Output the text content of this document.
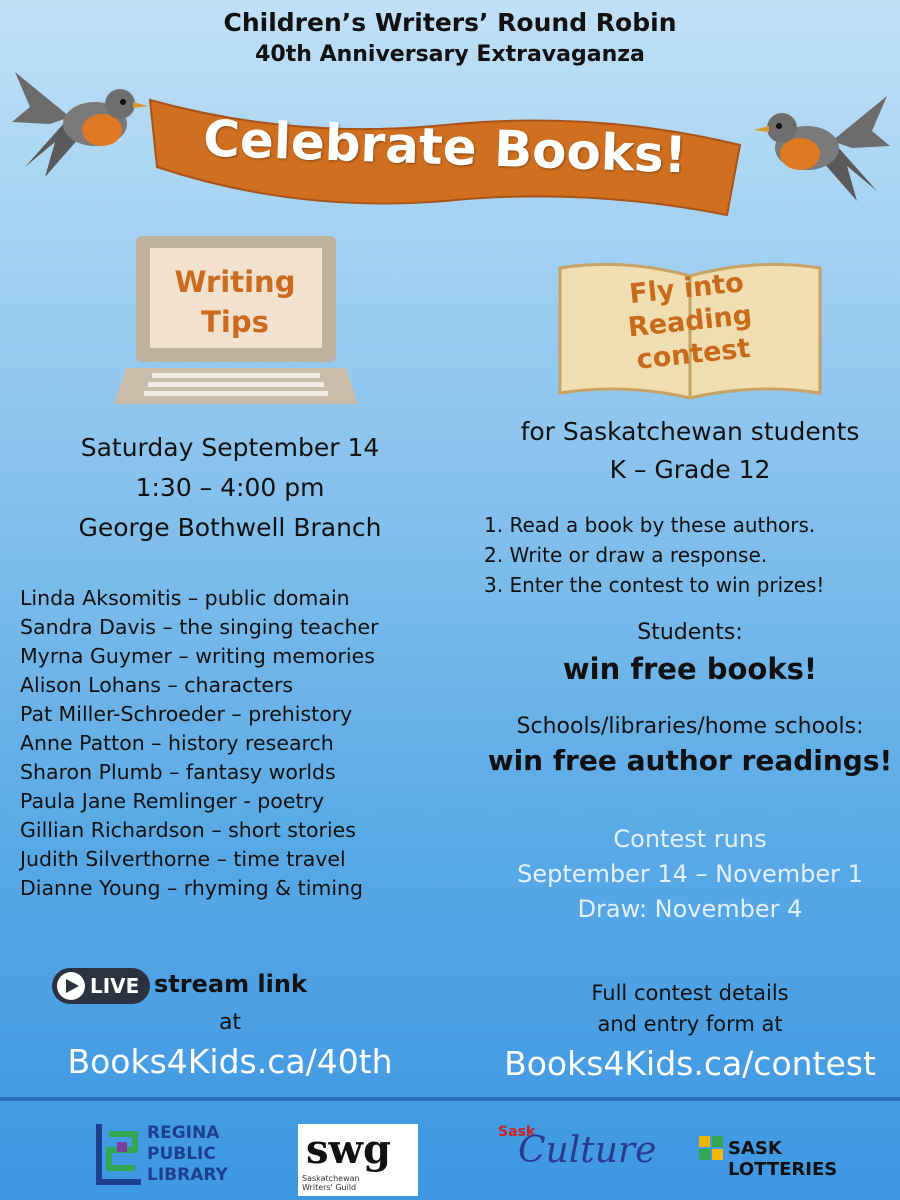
Children’s Writers’ Round Robin
40th Anniversary Extravaganza
Celebrate Books!
Writing
Tips
Fly into
Reading
contest
Saturday September 14
1:30 – 4:00 pm
George Bothwell Branch
Linda Aksomitis – public domain
Sandra Davis – the singing teacher
Myrna Guymer – writing memories
Alison Lohans – characters
Pat Miller-Schroeder – prehistory
Anne Patton – history research
Sharon Plumb – fantasy worlds
Paula Jane Remlinger - poetry
Gillian Richardson – short stories
Judith Silverthorne – time travel
Dianne Young – rhyming & timing
LIVE stream link
at
Books4Kids.ca/40th
for Saskatchewan students
K – Grade 12
1. Read a book by these authors.
2. Write or draw a response.
3. Enter the contest to win prizes!
Students:
win free books!
Schools/libraries/home schools:
win free author readings!
Contest runs
September 14 – November 1
Draw: November 4
Full contest details
and entry form at
Books4Kids.ca/contest
REGINA
PUBLIC
LIBRARY
swg
Saskatchewan
Writers' Guild
Sask
Culture	SASK LOTTERIES
